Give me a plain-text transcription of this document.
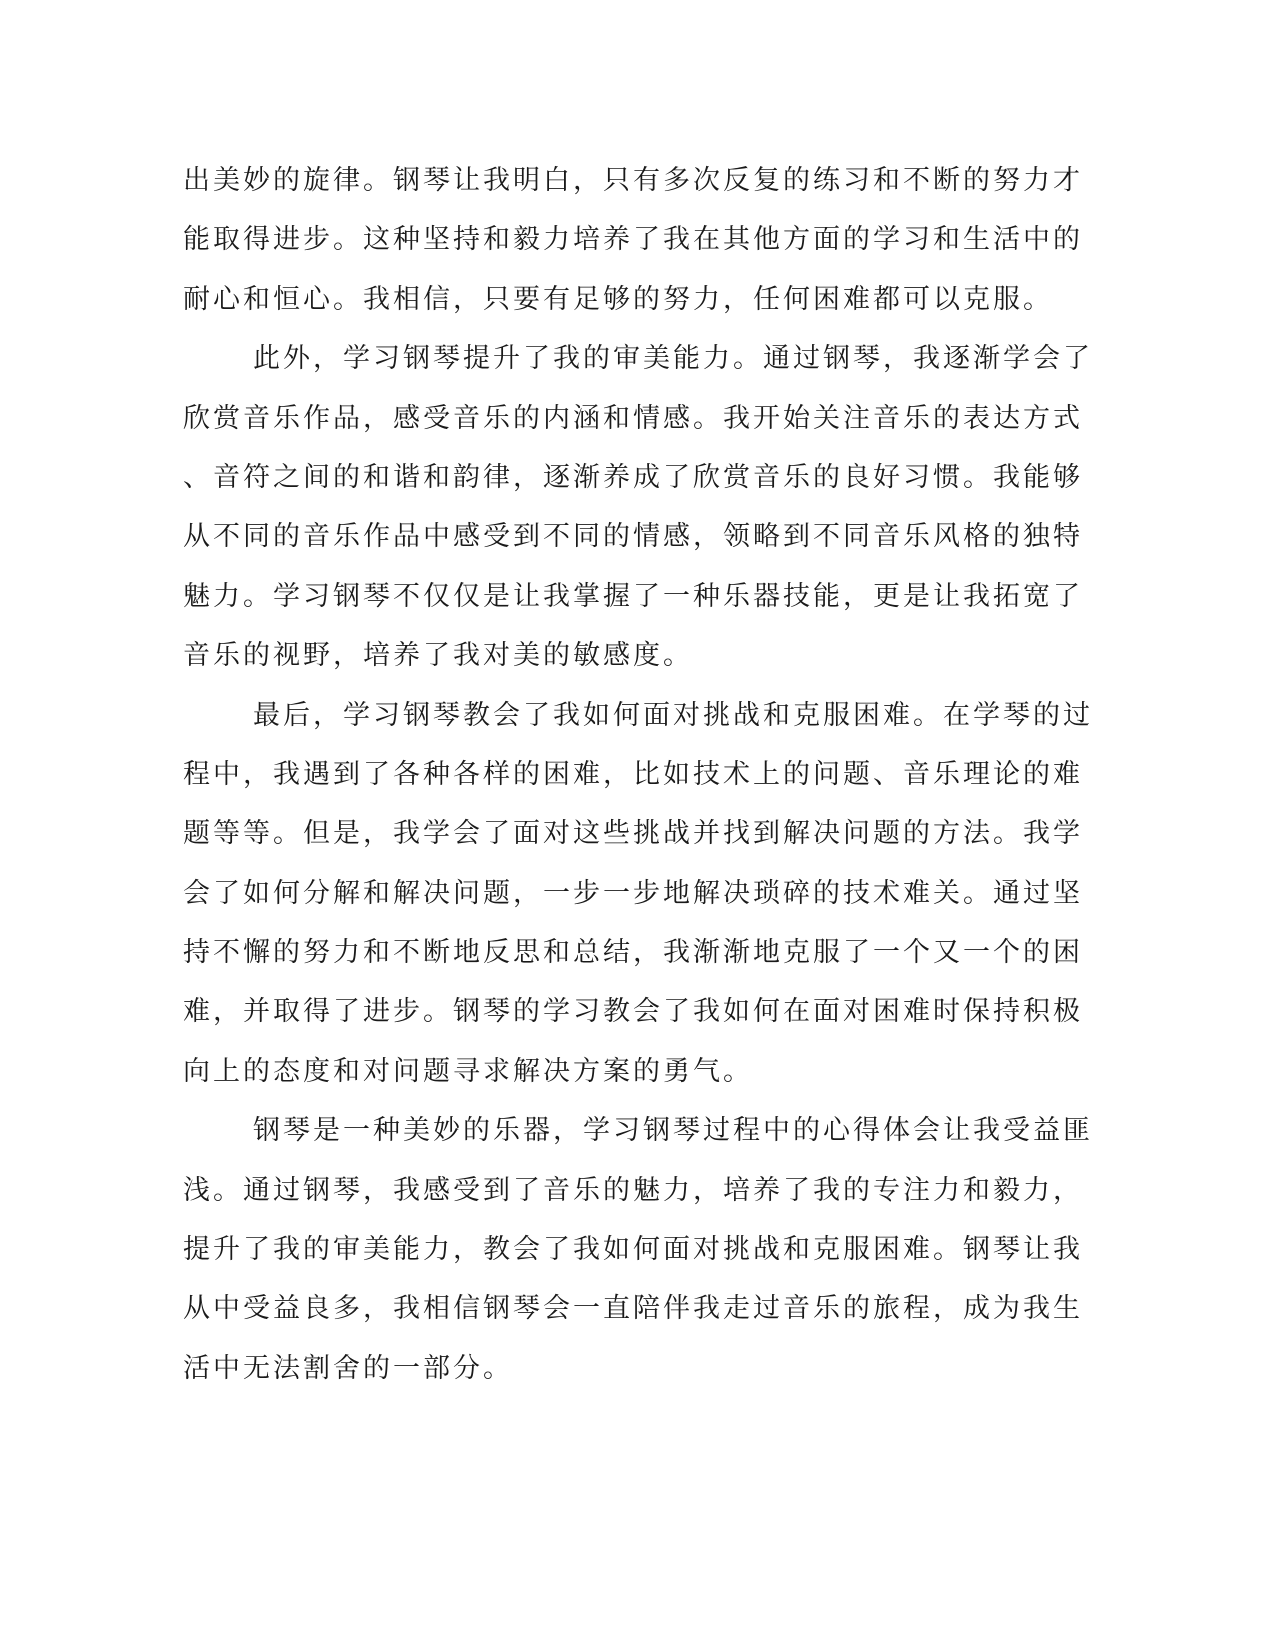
出美妙的旋律。钢琴让我明白，只有多次反复的练习和不断的努力才
能取得进步。这种坚持和毅力培养了我在其他方面的学习和生活中的
耐心和恒心。我相信，只要有足够的努力，任何困难都可以克服。
此外，学习钢琴提升了我的审美能力。通过钢琴，我逐渐学会了
欣赏音乐作品，感受音乐的内涵和情感。我开始关注音乐的表达方式
、音符之间的和谐和韵律，逐渐养成了欣赏音乐的良好习惯。我能够
从不同的音乐作品中感受到不同的情感，领略到不同音乐风格的独特
魅力。学习钢琴不仅仅是让我掌握了一种乐器技能，更是让我拓宽了
音乐的视野，培养了我对美的敏感度。
最后，学习钢琴教会了我如何面对挑战和克服困难。在学琴的过
程中，我遇到了各种各样的困难，比如技术上的问题、音乐理论的难
题等等。但是，我学会了面对这些挑战并找到解决问题的方法。我学
会了如何分解和解决问题，一步一步地解决琐碎的技术难关。通过坚
持不懈的努力和不断地反思和总结，我渐渐地克服了一个又一个的困
难，并取得了进步。钢琴的学习教会了我如何在面对困难时保持积极
向上的态度和对问题寻求解决方案的勇气。
钢琴是一种美妙的乐器，学习钢琴过程中的心得体会让我受益匪
浅。通过钢琴，我感受到了音乐的魅力，培养了我的专注力和毅力，
提升了我的审美能力，教会了我如何面对挑战和克服困难。钢琴让我
从中受益良多，我相信钢琴会一直陪伴我走过音乐的旅程，成为我生
活中无法割舍的一部分。
